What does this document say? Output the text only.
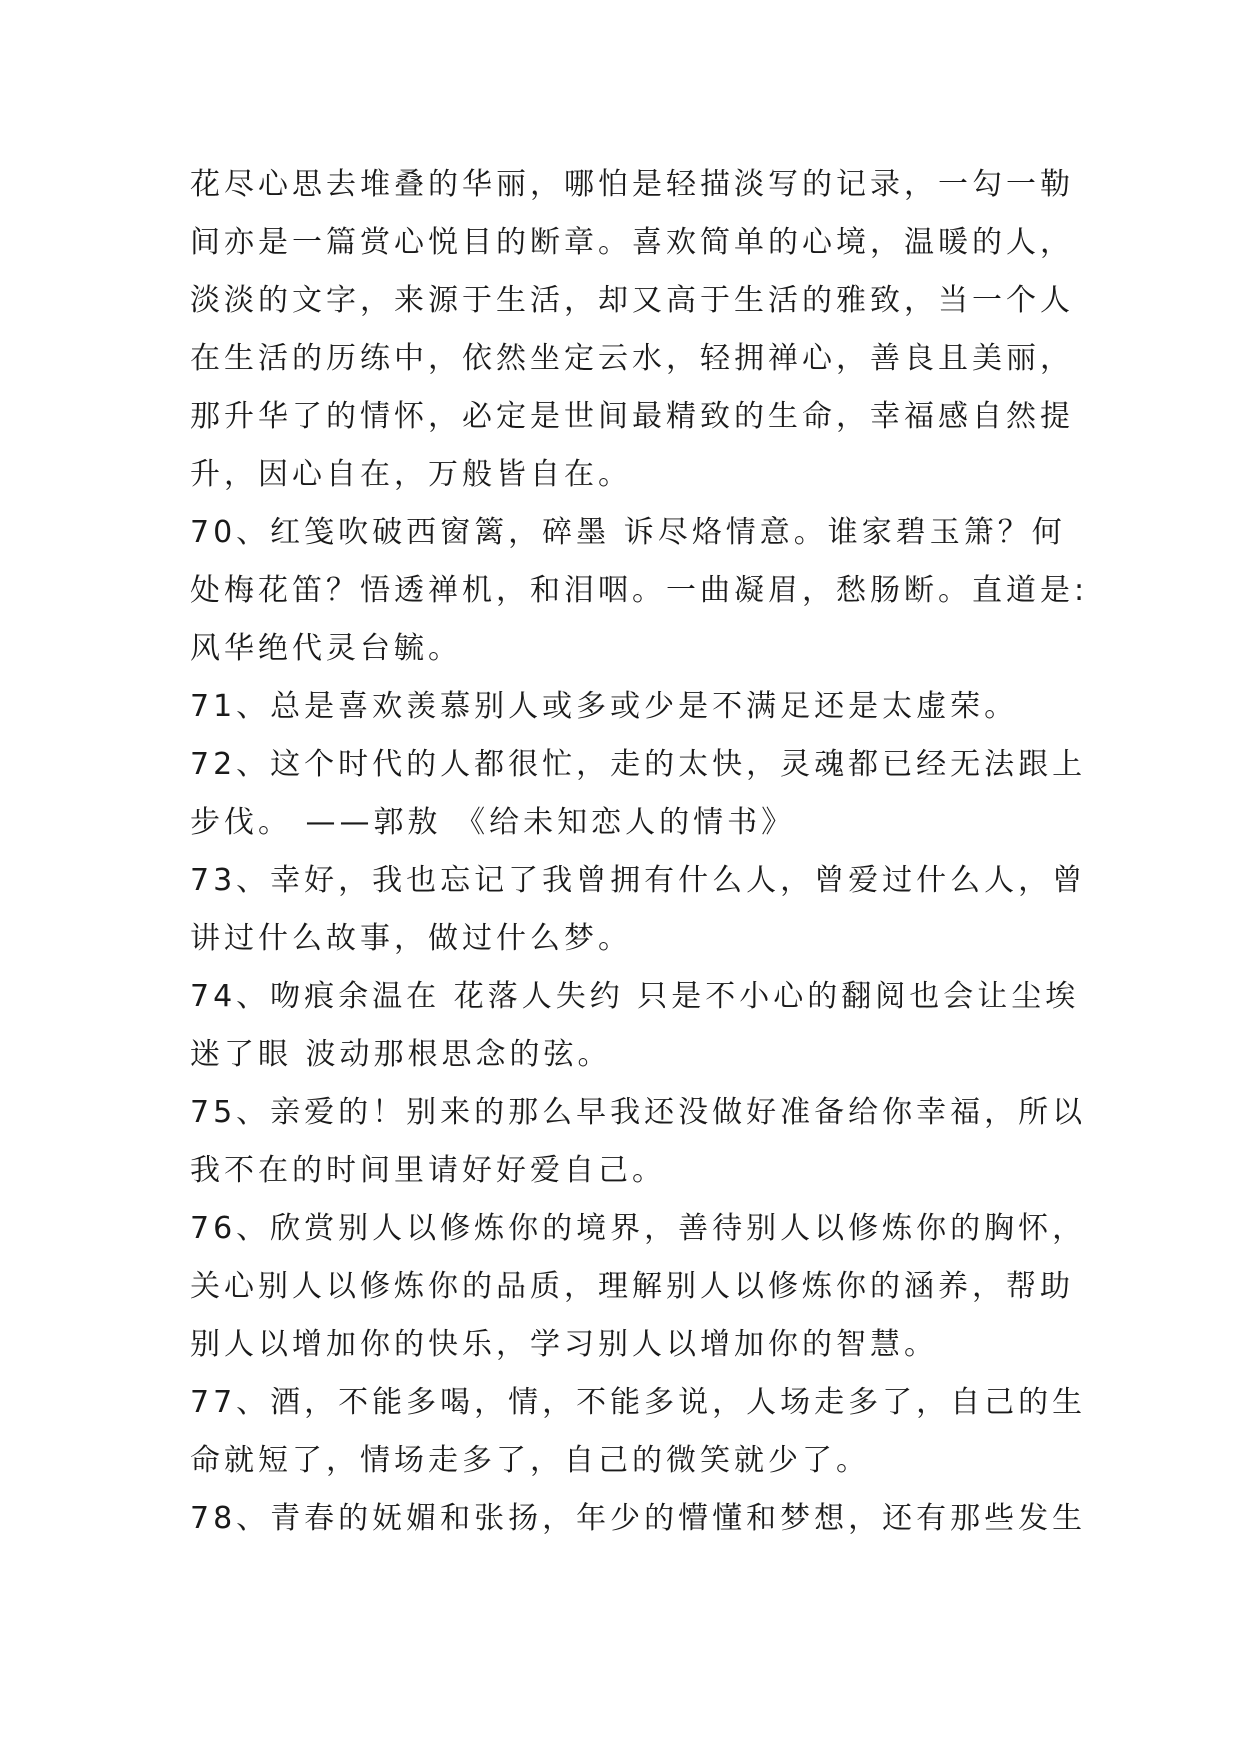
花尽心思去堆叠的华丽，哪怕是轻描淡写的记录，一勾一勒
间亦是一篇赏心悦目的断章。喜欢简单的心境，温暖的人，
淡淡的文字，来源于生活，却又高于生活的雅致，当一个人
在生活的历练中，依然坐定云水，轻拥禅心，善良且美丽，
那升华了的情怀，必定是世间最精致的生命，幸福感自然提
升，因心自在，万般皆自在。
70、红笺吹破西窗篱，碎墨 诉尽烙情意。谁家碧玉箫？何
处梅花笛？悟透禅机，和泪咽。一曲凝眉，愁肠断。直道是:
风华绝代灵台毓。
71、总是喜欢羡慕别人或多或少是不满足还是太虚荣。
72、这个时代的人都很忙，走的太快，灵魂都已经无法跟上
步伐。 ——郭敖 《给未知恋人的情书》
73、幸好，我也忘记了我曾拥有什么人，曾爱过什么人，曾
讲过什么故事，做过什么梦。
74、吻痕余温在 花落人失约 只是不小心的翻阅也会让尘埃
迷了眼 波动那根思念的弦。
75、亲爱的！别来的那么早我还没做好准备给你幸福，所以
我不在的时间里请好好爱自己。
76、欣赏别人以修炼你的境界，善待别人以修炼你的胸怀，
关心别人以修炼你的品质，理解别人以修炼你的涵养，帮助
别人以增加你的快乐，学习别人以增加你的智慧。
77、酒，不能多喝，情，不能多说，人场走多了，自己的生
命就短了，情场走多了，自己的微笑就少了。
78、青春的妩媚和张扬，年少的懵懂和梦想，还有那些发生
